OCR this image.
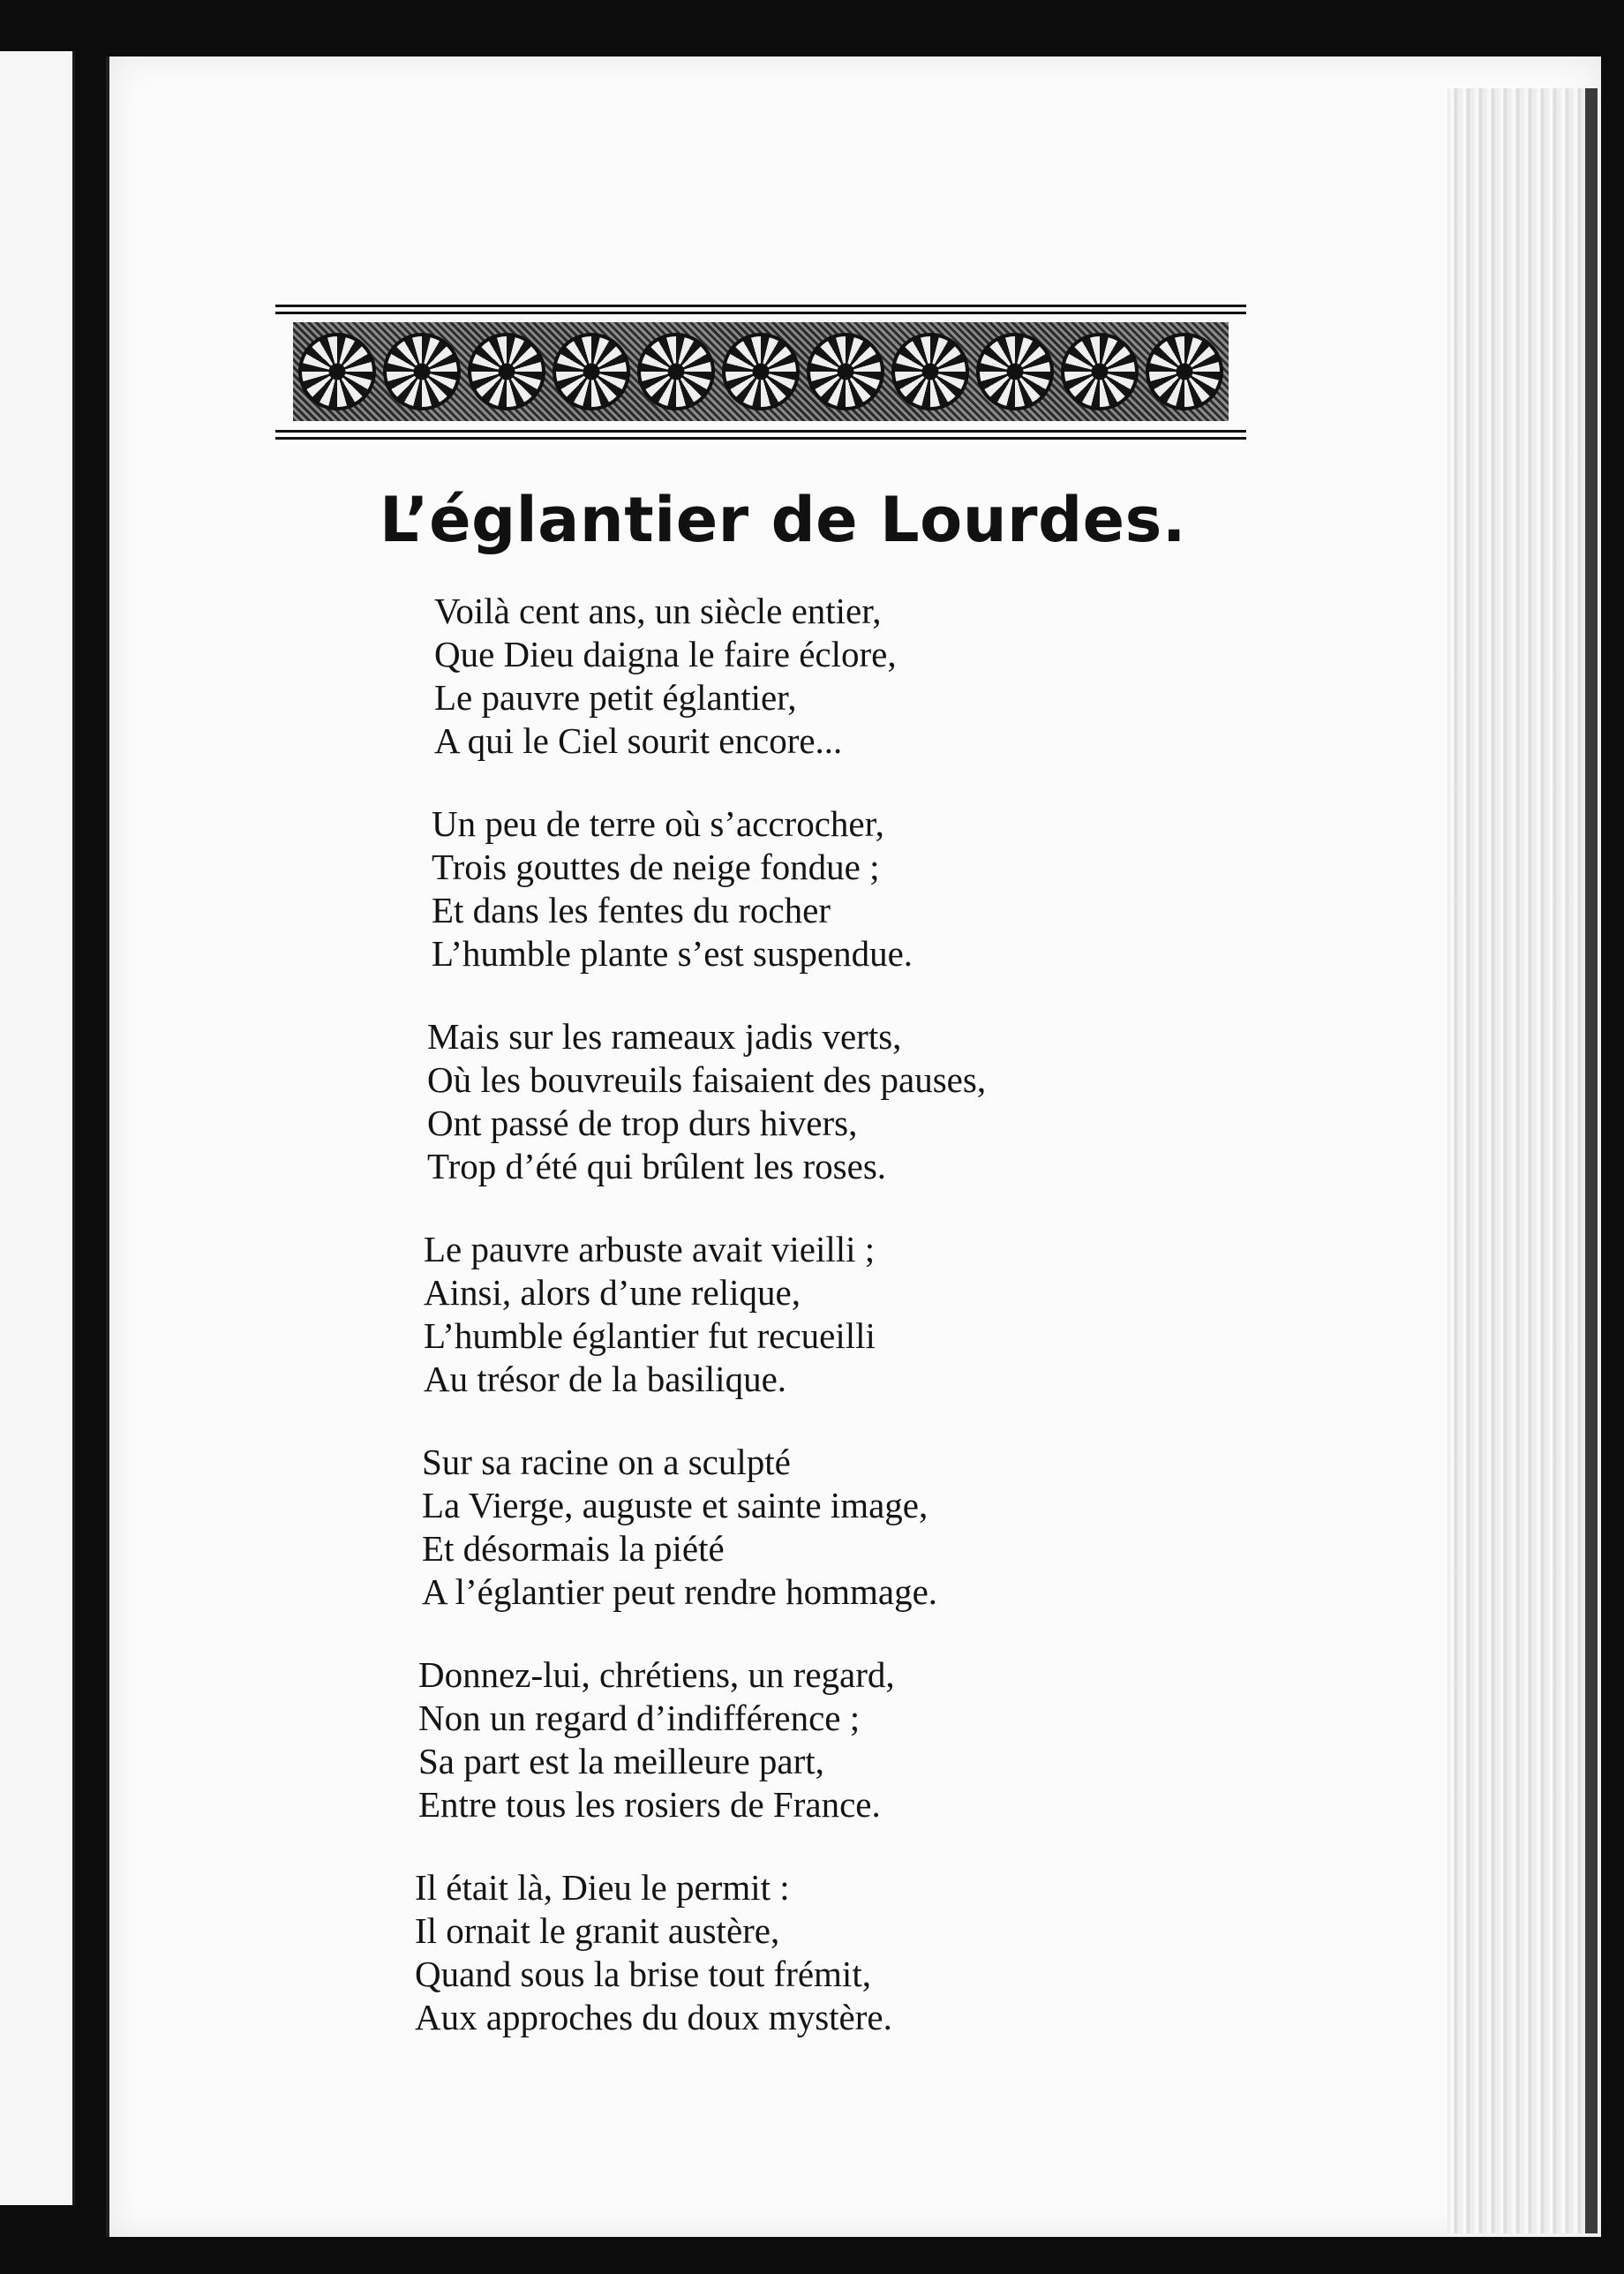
L’églantier de Lourdes.
Voilà cent ans, un siècle entier,
Que Dieu daigna le faire éclore,
Le pauvre petit églantier,
A qui le Ciel sourit encore...
Un peu de terre où s’accrocher,
Trois gouttes de neige fondue ;
Et dans les fentes du rocher
L’humble plante s’est suspendue.
Mais sur les rameaux jadis verts,
Où les bouvreuils faisaient des pauses,
Ont passé de trop durs hivers,
Trop d’été qui brûlent les roses.
Le pauvre arbuste avait vieilli ;
Ainsi, alors d’une relique,
L’humble églantier fut recueilli
Au trésor de la basilique.
Sur sa racine on a sculpté
La Vierge, auguste et sainte image,
Et désormais la piété
A l’églantier peut rendre hommage.
Donnez-lui, chrétiens, un regard,
Non un regard d’indifférence ;
Sa part est la meilleure part,
Entre tous les rosiers de France.
Il était là, Dieu le permit :
Il ornait le granit austère,
Quand sous la brise tout frémit,
Aux approches du doux mystère.
